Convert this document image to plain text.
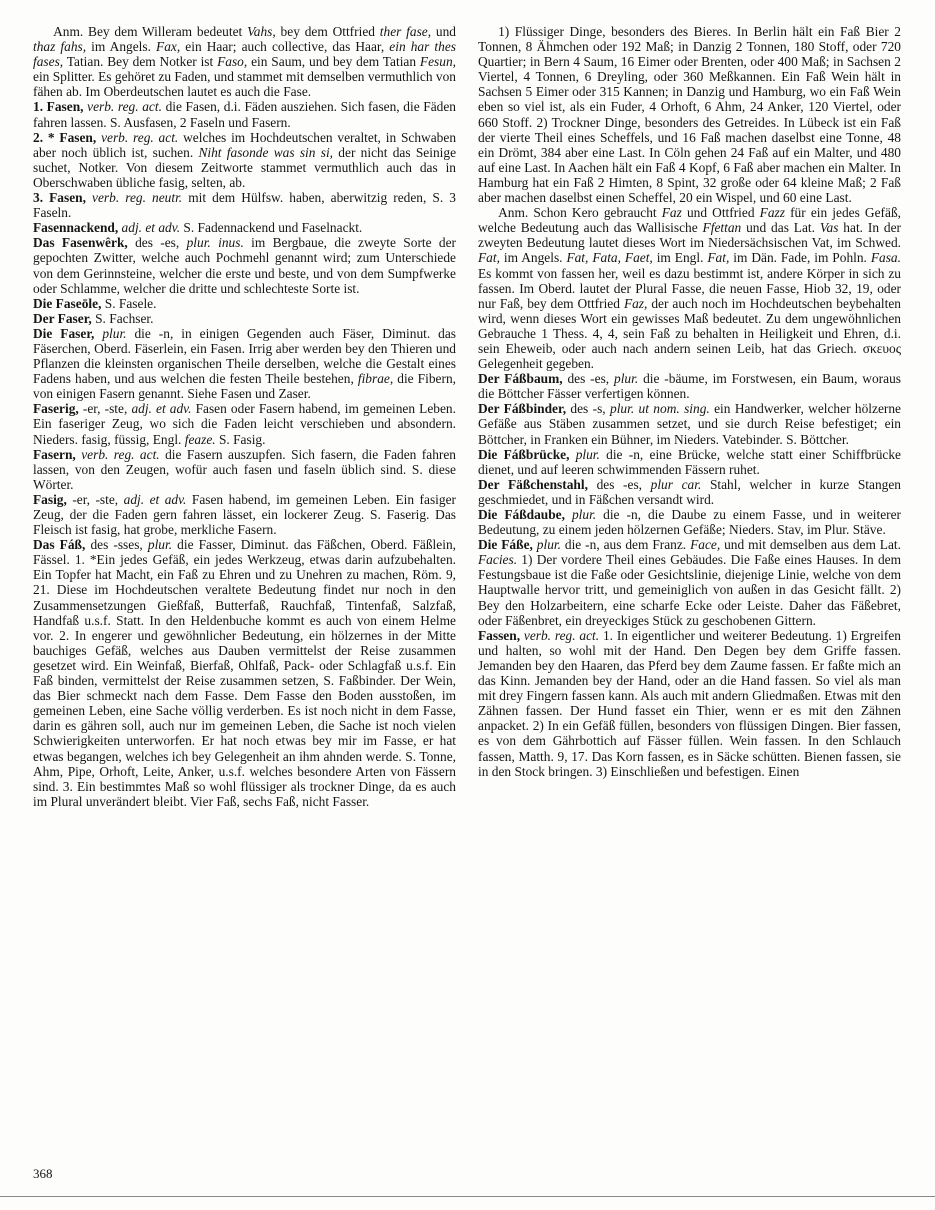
Anm. Bey dem Willeram bedeutet Vahs, bey dem Ottfried ther fase, und thaz fahs, im Angels. Fax, ein Haar; auch collective, das Haar, ein har thes fases, Tatian. Bey dem Notker ist Faso, ein Saum, und bey dem Tatian Fesun, ein Splitter. Es gehöret zu Faden, und stammet mit demselben vermuthlich von fähen ab. Im Oberdeutschen lautet es auch die Fase.

1. Fasen, verb. reg. act. die Fasen, d.i. Fäden ausziehen. Sich fasen, die Fäden fahren lassen. S. Ausfasen, 2 Faseln und Fasern.

2. * Fasen, verb. reg. act. welches im Hochdeutschen veraltet, in Schwaben aber noch üblich ist, suchen. Niht fasonde was sin si, der nicht das Seinige suchet, Notker. Von diesem Zeitworte stammet vermuthlich auch das in Oberschwaben übliche fasig, selten, ab.

3. Fasen, verb. reg. neutr. mit dem Hülfsw. haben, aberwitzig reden, S. 3 Faseln.

Fasennackend, adj. et adv. S. Fadennackend und Faselnackt.

Das Fasenwêrk, des -es, plur. inus. im Bergbaue, die zweyte Sorte der gepochten Zwitter, welche auch Pochmehl genannt wird; zum Unterschiede von dem Gerinnsteine, welcher die erste und beste, und von dem Sumpfwerke oder Schlamme, welcher die dritte und schlechteste Sorte ist.

Die Faseōle, S. Fasele.

Der Faser, S. Fachser.

Die Faser, plur. die -n, in einigen Gegenden auch Fäser, Diminut. das Fäserchen, Oberd. Fäserlein, ein Fasen. Irrig aber werden bey den Thieren und Pflanzen die kleinsten organischen Theile derselben, welche die Gestalt eines Fadens haben, und aus welchen die festen Theile bestehen, fibrae, die Fibern, von einigen Fasern genannt. Siehe Fasen und Zaser.

Faserig, -er, -ste, adj. et adv. Fasen oder Fasern habend, im gemeinen Leben. Ein faseriger Zeug, wo sich die Faden leicht verschieben und absondern. Nieders. fasig, füssig, Engl. feaze. S. Fasig.

Fasern, verb. reg. act. die Fasern auszupfen. Sich fasern, die Faden fahren lassen, von den Zeugen, wofür auch fasen und faseln üblich sind. S. diese Wörter.

Fasig, -er, -ste, adj. et adv. Fasen habend, im gemeinen Leben. Ein fasiger Zeug, der die Faden gern fahren lässet, ein lockerer Zeug. S. Faserig. Das Fleisch ist fasig, hat grobe, merkliche Fasern.

Das Fáß, des -sses, plur. die Fasser, Diminut. das Fäßchen, Oberd. Fäßlein, Fässel. 1. *Ein jedes Gefäß, ein jedes Werkzeug, etwas darin aufzubehalten. Ein Topfer hat Macht, ein Faß zu Ehren und zu Unehren zu machen, Röm. 9, 21. Diese im Hochdeutschen veraltete Bedeutung findet nur noch in den Zusammensetzungen Gießfaß, Butterfaß, Rauchfaß, Tintenfaß, Salzfaß, Handfaß u.s.f. Statt. In den Heldenbuche kommt es auch von einem Helme vor. 2. In engerer und gewöhnlicher Bedeutung, ein hölzernes in der Mitte bauchiges Gefäß, welches aus Dauben vermittelst der Reise zusammen gesetzet wird. Ein Weinfaß, Bierfaß, Ohlfaß, Pack- oder Schlagfaß u.s.f. Ein Faß binden, vermittelst der Reise zusammen setzen, S. Faßbinder. Der Wein, das Bier schmeckt nach dem Fasse. Dem Fasse den Boden ausstoßen, im gemeinen Leben, eine Sache völlig verderben. Es ist noch nicht in dem Fasse, darin es gähren soll, auch nur im gemeinen Leben, die Sache ist noch vielen Schwierigkeiten unterworfen. Er hat noch etwas bey mir im Fasse, er hat etwas begangen, welches ich bey Gelegenheit an ihm ahnden werde. S. Tonne, Ahm, Pipe, Orhoft, Leite, Anker, u.s.f. welches besondere Arten von Fässern sind. 3. Ein bestimmtes Maß so wohl flüssiger als trockner Dinge, da es auch im Plural unverändert bleibt. Vier Faß, sechs Faß, nicht Fasser.

1) Flüssiger Dinge, besonders des Bieres. In Berlin hält ein Faß Bier 2 Tonnen, 8 Ähmchen oder 192 Maß; in Danzig 2 Tonnen, 180 Stoff, oder 720 Quartier; in Bern 4 Saum, 16 Eimer oder Brenten, oder 400 Maß; in Sachsen 2 Viertel, 4 Tonnen, 6 Dreyling, oder 360 Meßkannen. Ein Faß Wein hält in Sachsen 5 Eimer oder 315 Kannen; in Danzig und Hamburg, wo ein Faß Wein eben so viel ist, als ein Fuder, 4 Orhoft, 6 Ahm, 24 Anker, 120 Viertel, oder 660 Stoff. 2) Trockner Dinge, besonders des Getreides. In Lübeck ist ein Faß der vierte Theil eines Scheffels, und 16 Faß machen daselbst eine Tonne, 48 ein Drömt, 384 aber eine Last. In Cöln gehen 24 Faß auf ein Malter, und 480 auf eine Last. In Aachen hält ein Faß 4 Kopf, 6 Faß aber machen ein Malter. In Hamburg hat ein Faß 2 Himten, 8 Spint, 32 große oder 64 kleine Maß; 2 Faß aber machen daselbst einen Scheffel, 20 ein Wispel, und 60 eine Last.

Anm. Schon Kero gebraucht Faz und Ottfried Fazz für ein jedes Gefäß, welche Bedeutung auch das Wallisische Ffettan und das Lat. Vas hat. In der zweyten Bedeutung lautet dieses Wort im Niedersächsischen Vat, im Schwed. Fat, im Angels. Fat, Fata, Faet, im Engl. Fat, im Dän. Fade, im Pohln. Fasa. Es kommt von fassen her, weil es dazu bestimmt ist, andere Körper in sich zu fassen. Im Oberd. lautet der Plural Fasse, die neuen Fasse, Hiob 32, 19, oder nur Faß, bey dem Ottfried Faz, der auch noch im Hochdeutschen beybehalten wird, wenn dieses Wort ein gewisses Maß bedeutet. Zu dem ungewöhnlichen Gebrauche 1 Thess. 4, 4, sein Faß zu behalten in Heiligkeit und Ehren, d.i. sein Eheweib, oder auch nach andern seinen Leib, hat das Griech. σκευος Gelegenheit gegeben.

Der Fáßbaum, des -es, plur. die -bäume, im Forstwesen, ein Baum, woraus die Böttcher Fässer verfertigen können.

Der Fáßbinder, des -s, plur. ut nom. sing. ein Handwerker, welcher hölzerne Gefäße aus Stäben zusammen setzet, und sie durch Reise befestiget; ein Böttcher, in Franken ein Bühner, im Nieders. Vatebinder. S. Böttcher.

Die Fáßbrücke, plur. die -n, eine Brücke, welche statt einer Schiffbrücke dienet, und auf leeren schwimmenden Fässern ruhet.

Der Fäßchenstahl, des -es, plur car. Stahl, welcher in kurze Stangen geschmiedet, und in Fäßchen versandt wird.

Die Fáßdaube, plur. die -n, die Daube zu einem Fasse, und in weiterer Bedeutung, zu einem jeden hölzernen Gefäße; Nieders. Stav, im Plur. Stäve.

Die Fáße, plur. die -n, aus dem Franz. Face, und mit demselben aus dem Lat. Facies. 1) Der vordere Theil eines Gebäudes. Die Faße eines Hauses. In dem Festungsbaue ist die Faße oder Gesichtslinie, diejenige Linie, welche von dem Hauptwalle hervor tritt, und gemeiniglich von außen in das Gesicht fällt. 2) Bey den Holzarbeitern, eine scharfe Ecke oder Leiste. Daher das Fäßebret, oder Fäßenbret, ein dreyeckiges Stück zu geschobenen Gittern.

Fassen, verb. reg. act. 1. In eigentlicher und weiterer Bedeutung. 1) Ergreifen und halten, so wohl mit der Hand. Den Degen bey dem Griffe fassen. Jemanden bey den Haaren, das Pferd bey dem Zaume fassen. Er faßte mich an das Kinn. Jemanden bey der Hand, oder an die Hand fassen. So viel als man mit drey Fingern fassen kann. Als auch mit andern Gliedmaßen. Etwas mit den Zähnen fassen. Der Hund fasset ein Thier, wenn er es mit den Zähnen anpacket. 2) In ein Gefäß füllen, besonders von flüssigen Dingen. Bier fassen, es von dem Gährbottich auf Fässer füllen. Wein fassen. In den Schlauch fassen, Matth. 9, 17. Das Korn fassen, es in Säcke schütten. Bienen fassen, sie in den Stock bringen. 3) Einschließen und befestigen. Einen

368
